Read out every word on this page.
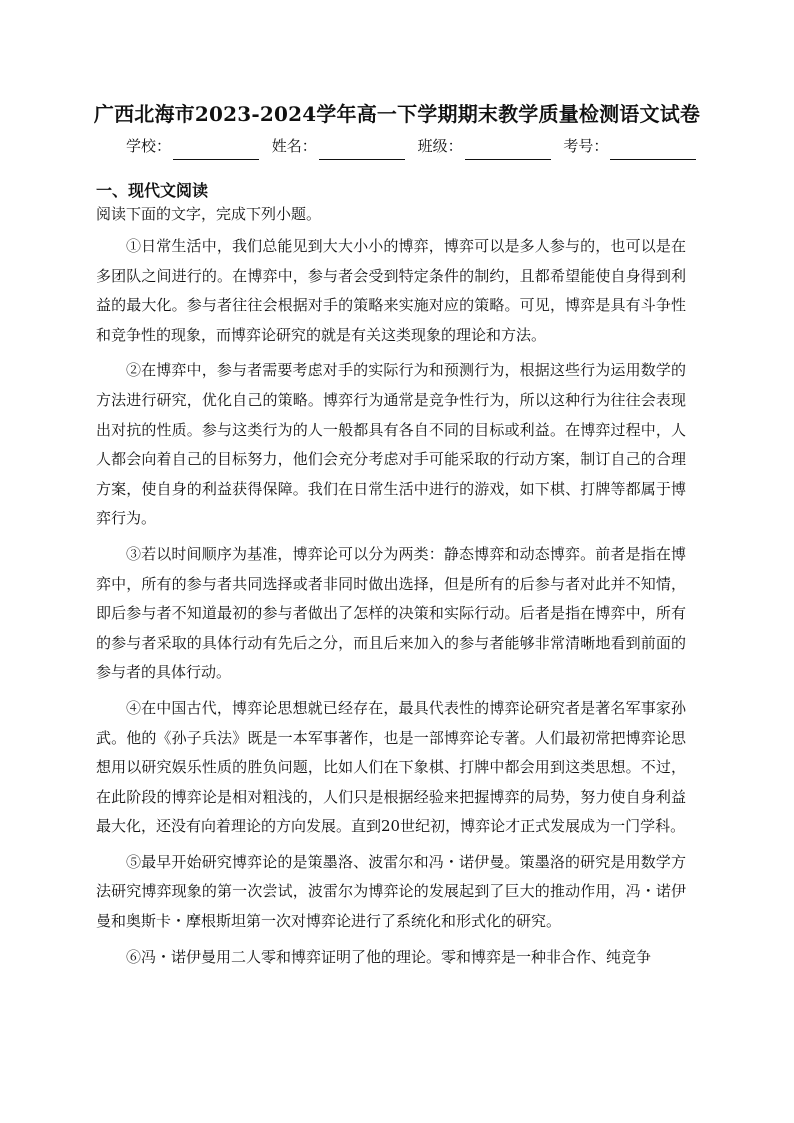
广西北海市2023-2024学年高一下学期期末教学质量检测语文试卷
学校：
	姓名：
	班级：
	考号：
一、现代文阅读
阅读下面的文字，完成下列小题。

①日常生活中，我们总能见到大大小小的博弈，博弈可以是多人参与的，也可以是在多团队之间进行的。在博弈中，参与者会受到特定条件的制约，且都希望能使自身得到利益的最大化。参与者往往会根据对手的策略来实施对应的策略。可见，博弈是具有斗争性和竞争性的现象，而博弈论研究的就是有关这类现象的理论和方法。

②在博弈中，参与者需要考虑对手的实际行为和预测行为，根据这些行为运用数学的方法进行研究，优化自己的策略。博弈行为通常是竞争性行为，所以这种行为往往会表现出对抗的性质。参与这类行为的人一般都具有各自不同的目标或利益。在博弈过程中，人人都会向着自己的目标努力，他们会充分考虑对手可能采取的行动方案，制订自己的合理方案，使自身的利益获得保障。我们在日常生活中进行的游戏，如下棋、打牌等都属于博弈行为。

③若以时间顺序为基准，博弈论可以分为两类：静态博弈和动态博弈。前者是指在博弈中，所有的参与者共同选择或者非同时做出选择，但是所有的后参与者对此并不知情，即后参与者不知道最初的参与者做出了怎样的决策和实际行动。后者是指在博弈中，所有的参与者采取的具体行动有先后之分，而且后来加入的参与者能够非常清晰地看到前面的参与者的具体行动。

④在中国古代，博弈论思想就已经存在，最具代表性的博弈论研究者是著名军事家孙武。他的《孙子兵法》既是一本军事著作，也是一部博弈论专著。人们最初常把博弈论思想用以研究娱乐性质的胜负问题，比如人们在下象棋、打牌中都会用到这类思想。不过，在此阶段的博弈论是相对粗浅的，人们只是根据经验来把握博弈的局势，努力使自身利益最大化，还没有向着理论的方向发展。直到20世纪初，博弈论才正式发展成为一门学科。

⑤最早开始研究博弈论的是策墨洛、波雷尔和冯・诺伊曼。策墨洛的研究是用数学方法研究博弈现象的第一次尝试，波雷尔为博弈论的发展起到了巨大的推动作用，冯・诺伊曼和奥斯卡・摩根斯坦第一次对博弈论进行了系统化和形式化的研究。

⑥冯・诺伊曼用二人零和博弈证明了他的理论。零和博弈是一种非合作、纯竞争
